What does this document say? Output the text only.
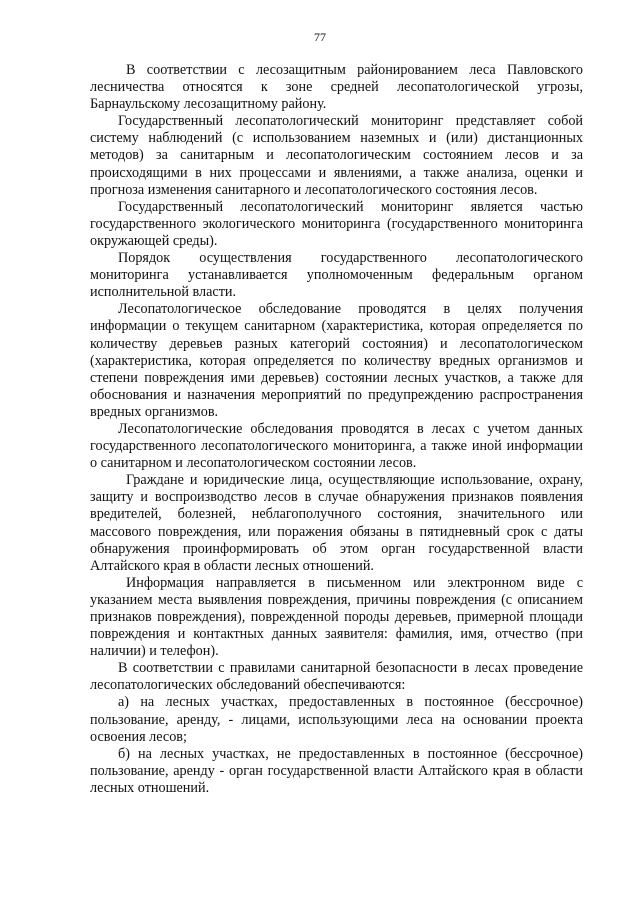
77

В соответствии с лесозащитным районированием леса Павловского лесничества относятся к зоне средней лесопатологической угрозы, Барнаульскому лесозащитному району.

Государственный лесопатологический мониторинг представляет собой систему наблюдений (с использованием наземных и (или) дистанционных методов) за санитарным и лесопатологическим состоянием лесов и за происходящими в них процессами и явлениями, а также анализа, оценки и прогноза изменения санитарного и лесопатологического состояния лесов.

Государственный лесопатологический мониторинг является частью государственного экологического мониторинга (государственного мониторинга окружающей среды).

Порядок осуществления государственного лесопатологического мониторинга устанавливается уполномоченным федеральным органом исполнительной власти.

Лесопатологическое обследование проводятся в целях получения информации о текущем санитарном (характеристика, которая определяется по количеству деревьев разных категорий состояния) и лесопатологическом (характеристика, которая определяется по количеству вредных организмов и степени повреждения ими деревьев) состоянии лесных участков, а также для обоснования и назначения мероприятий по предупреждению распространения вредных организмов.

Лесопатологические обследования проводятся в лесах с учетом данных государственного лесопатологического мониторинга, а также иной информации о санитарном и лесопатологическом состоянии лесов.

Граждане и юридические лица, осуществляющие использование, охрану, защиту и воспроизводство лесов в случае обнаружения признаков появления вредителей, болезней, неблагополучного состояния, значительного или массового повреждения, или поражения обязаны в пятидневный срок с даты обнаружения проинформировать об этом орган государственной власти Алтайского края в области лесных отношений.

Информация направляется в письменном или электронном виде с указанием места выявления повреждения, причины повреждения (с описанием признаков повреждения), поврежденной породы деревьев, примерной площади повреждения и контактных данных заявителя: фамилия, имя, отчество (при наличии) и телефон).

В соответствии с правилами санитарной безопасности в лесах проведение лесопатологических обследований обеспечиваются:

а) на лесных участках, предоставленных в постоянное (бессрочное) пользование, аренду, - лицами, использующими леса на основании проекта освоения лесов;

б) на лесных участках, не предоставленных в постоянное (бессрочное) пользование, аренду - орган государственной власти Алтайского края в области лесных отношений.
